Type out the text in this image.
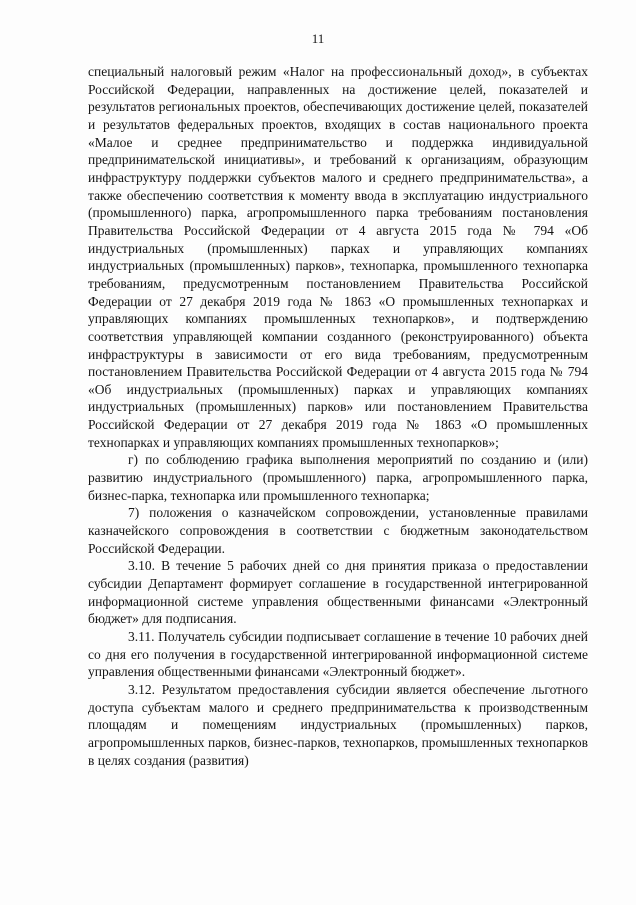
11

специальный налоговый режим «Налог на профессиональный доход», в субъектах Российской Федерации, направленных на достижение целей, показателей и результатов региональных проектов, обеспечивающих достижение целей, показателей и результатов федеральных проектов, входящих в состав национального проекта «Малое и среднее предпринимательство и поддержка индивидуальной предпринимательской инициативы», и требований к организациям, образующим инфраструктуру поддержки субъектов малого и среднего предпринимательства», а также обеспечению соответствия к моменту ввода в эксплуатацию индустриального (промышленного) парка, агропромышленного парка требованиям постановления Правительства Российской Федерации от 4 августа 2015 года № 794 «Об индустриальных (промышленных) парках и управляющих компаниях индустриальных (промышленных) парков», технопарка, промышленного технопарка требованиям, предусмотренным постановлением Правительства Российской Федерации от 27 декабря 2019 года № 1863 «О промышленных технопарках и управляющих компаниях промышленных технопарков», и подтверждению соответствия управляющей компании созданного (реконструированного) объекта инфраструктуры в зависимости от его вида требованиям, предусмотренным постановлением Правительства Российской Федерации от 4 августа 2015 года № 794 «Об индустриальных (промышленных) парках и управляющих компаниях индустриальных (промышленных) парков» или постановлением Правительства Российской Федерации от 27 декабря 2019 года № 1863 «О промышленных технопарках и управляющих компаниях промышленных технопарков»;

г) по соблюдению графика выполнения мероприятий по созданию и (или) развитию индустриального (промышленного) парка, агропромышленного парка, бизнес-парка, технопарка или промышленного технопарка;

7) положения о казначейском сопровождении, установленные правилами казначейского сопровождения в соответствии с бюджетным законодательством Российской Федерации.

3.10. В течение 5 рабочих дней со дня принятия приказа о предоставлении субсидии Департамент формирует соглашение в государственной интегрированной информационной системе управления общественными финансами «Электронный бюджет» для подписания.

3.11. Получатель субсидии подписывает соглашение в течение 10 рабочих дней со дня его получения в государственной интегрированной информационной системе управления общественными финансами «Электронный бюджет».

3.12. Результатом предоставления субсидии является обеспечение льготного доступа субъектам малого и среднего предпринимательства к производственным площадям и помещениям индустриальных (промышленных) парков, агропромышленных парков, бизнес-парков, технопарков, промышленных технопарков в целях создания (развития)
